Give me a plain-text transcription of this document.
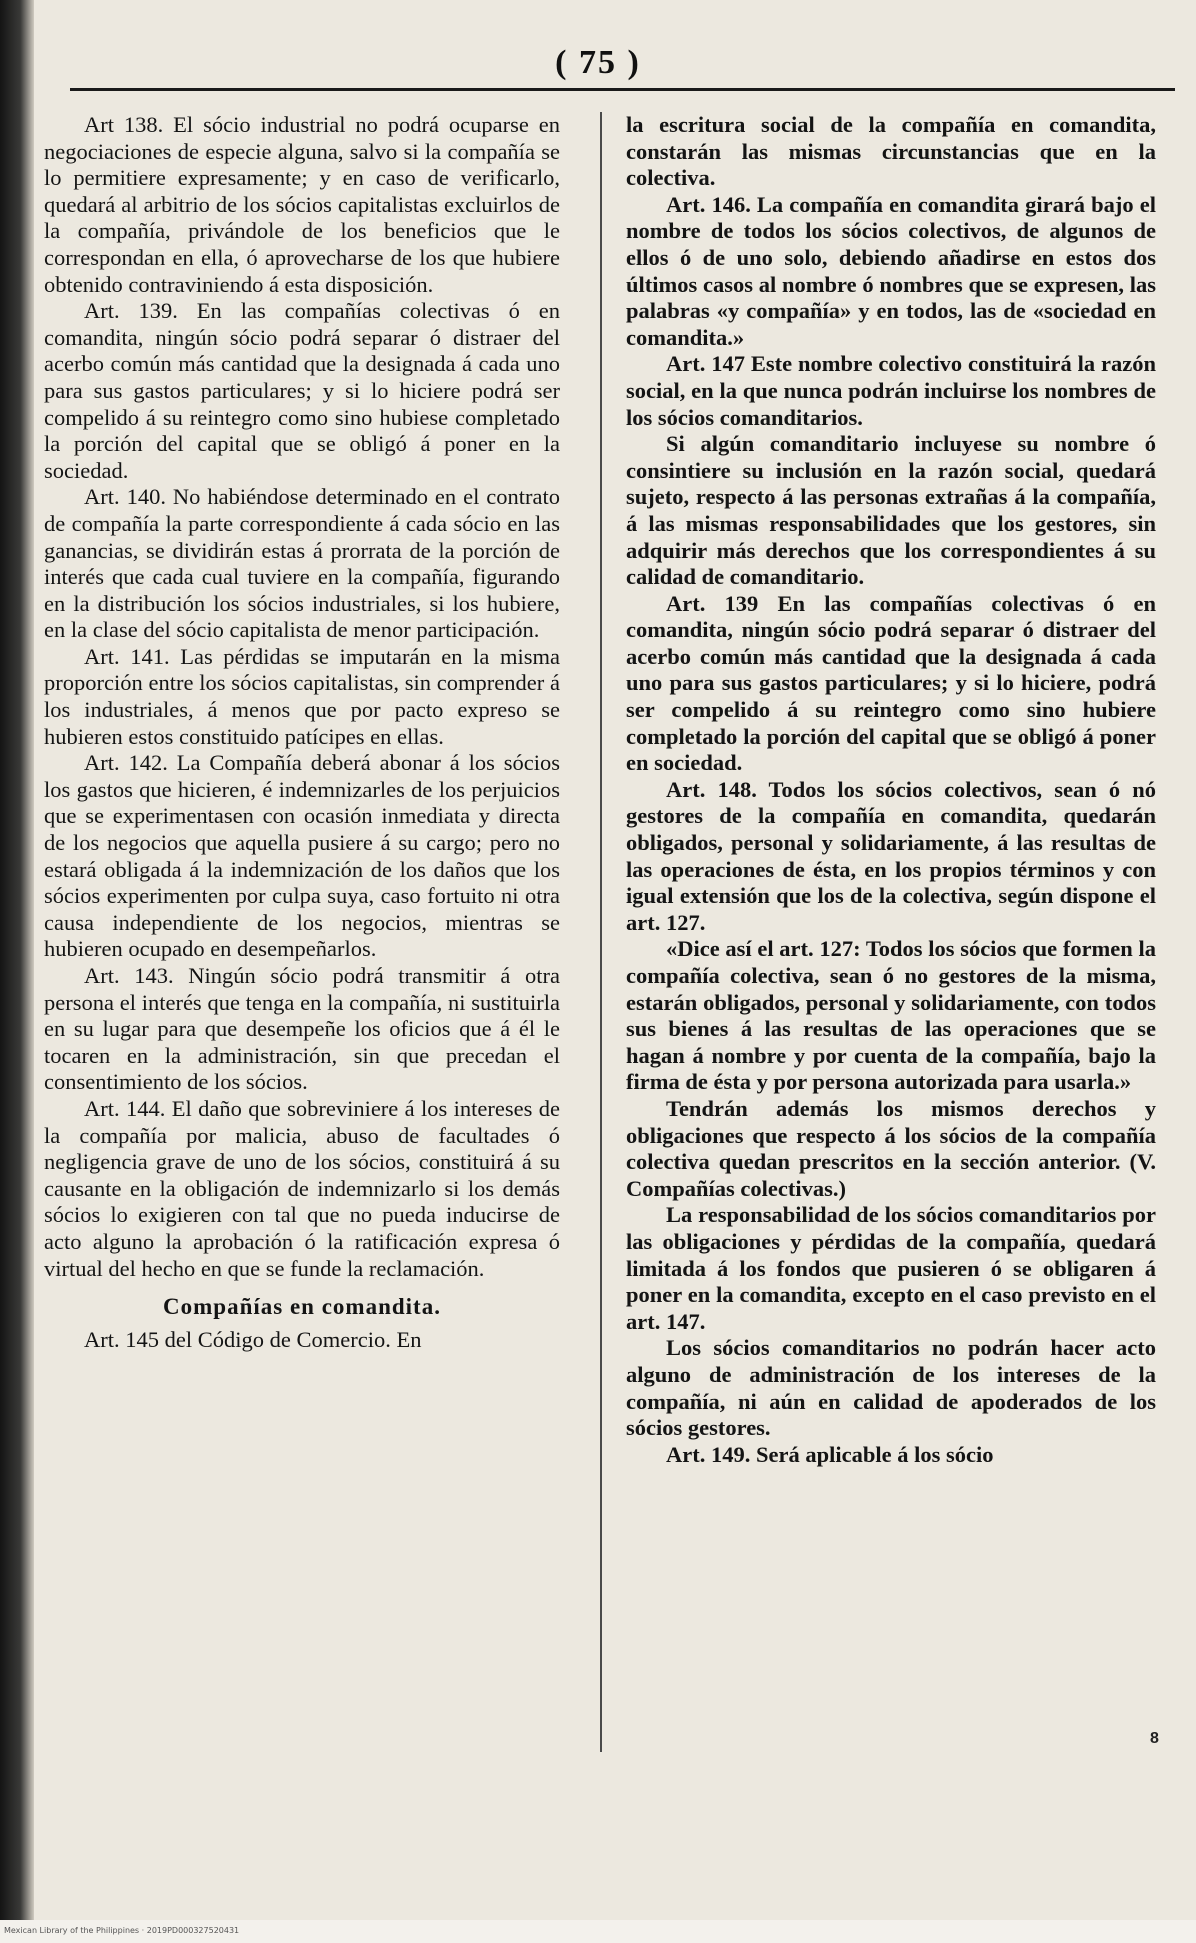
( 75 )

Art 138. El sócio industrial no podrá ocuparse en negociaciones de especie alguna, salvo si la compañía se lo permitiere expresamente; y en caso de verificarlo, quedará al arbitrio de los sócios capitalistas excluirlos de la compañía, privándole de los beneficios que le correspondan en ella, ó aprovecharse de los que hubiere obtenido contraviniendo á esta disposición.

Art. 139. En las compañías colectivas ó en comandita, ningún sócio podrá separar ó distraer del acerbo común más cantidad que la designada á cada uno para sus gastos particulares; y si lo hiciere podrá ser compelido á su reintegro como sino hubiese completado la porción del capital que se obligó á poner en la sociedad.

Art. 140. No habiéndose determinado en el contrato de compañía la parte correspondiente á cada sócio en las ganancias, se dividirán estas á prorrata de la porción de interés que cada cual tuviere en la compañía, figurando en la distribución los sócios industriales, si los hubiere, en la clase del sócio capitalista de menor participación.

Art. 141. Las pérdidas se imputarán en la misma proporción entre los sócios capitalistas, sin comprender á los industriales, á menos que por pacto expreso se hubieren estos constituido patícipes en ellas.

Art. 142. La Compañía deberá abonar á los sócios los gastos que hicieren, é indemnizarles de los perjuicios que se experimentasen con ocasión inmediata y directa de los negocios que aquella pusiere á su cargo; pero no estará obligada á la indemnización de los daños que los sócios experimenten por culpa suya, caso fortuito ni otra causa independiente de los negocios, mientras se hubieren ocupado en desempeñarlos.

Art. 143. Ningún sócio podrá transmitir á otra persona el interés que tenga en la compañía, ni sustituirla en su lugar para que desempeñe los oficios que á él le tocaren en la administración, sin que precedan el consentimiento de los sócios.

Art. 144. El daño que sobreviniere á los intereses de la compañía por malicia, abuso de facultades ó negligencia grave de uno de los sócios, constituirá á su causante en la obligación de indemnizarlo si los demás sócios lo exigieren con tal que no pueda inducirse de acto alguno la aprobación ó la ratificación expresa ó virtual del hecho en que se funde la reclamación.

Compañías en comandita.

Art. 145 del Código de Comercio. En

la escritura social de la compañía en comandita, constarán las mismas circunstancias que en la colectiva.

Art. 146. La compañía en comandita girará bajo el nombre de todos los sócios colectivos, de algunos de ellos ó de uno solo, debiendo añadirse en estos dos últimos casos al nombre ó nombres que se expresen, las palabras «y compañía» y en todos, las de «sociedad en comandita.»

Art. 147 Este nombre colectivo constituirá la razón social, en la que nunca podrán incluirse los nombres de los sócios comanditarios.

Si algún comanditario incluyese su nombre ó consintiere su inclusión en la razón social, quedará sujeto, respecto á las personas extrañas á la compañía, á las mismas responsabilidades que los gestores, sin adquirir más derechos que los correspondientes á su calidad de comanditario.

Art. 139 En las compañías colectivas ó en comandita, ningún sócio podrá separar ó distraer del acerbo común más cantidad que la designada á cada uno para sus gastos particulares; y si lo hiciere, podrá ser compelido á su reintegro como sino hubiere completado la porción del capital que se obligó á poner en sociedad.

Art. 148. Todos los sócios colectivos, sean ó nó gestores de la compañía en comandita, quedarán obligados, personal y solidariamente, á las resultas de las operaciones de ésta, en los propios términos y con igual extensión que los de la colectiva, según dispone el art. 127.

«Dice así el art. 127: Todos los sócios que formen la compañía colectiva, sean ó no gestores de la misma, estarán obligados, personal y solidariamente, con todos sus bienes á las resultas de las operaciones que se hagan á nombre y por cuenta de la compañía, bajo la firma de ésta y por persona autorizada para usarla.»

Tendrán además los mismos derechos y obligaciones que respecto á los sócios de la compañía colectiva quedan prescritos en la sección anterior. (V. Compañías colectivas.)

La responsabilidad de los sócios comanditarios por las obligaciones y pérdidas de la compañía, quedará limitada á los fondos que pusieren ó se obligaren á poner en la comandita, excepto en el caso previsto en el art. 147.

Los sócios comanditarios no podrán hacer acto alguno de administración de los intereses de la compañía, ni aún en calidad de apoderados de los sócios gestores.

Art. 149. Será aplicable á los sócio

8
Mexican Library of the Philippines · 2019PD000327520431
